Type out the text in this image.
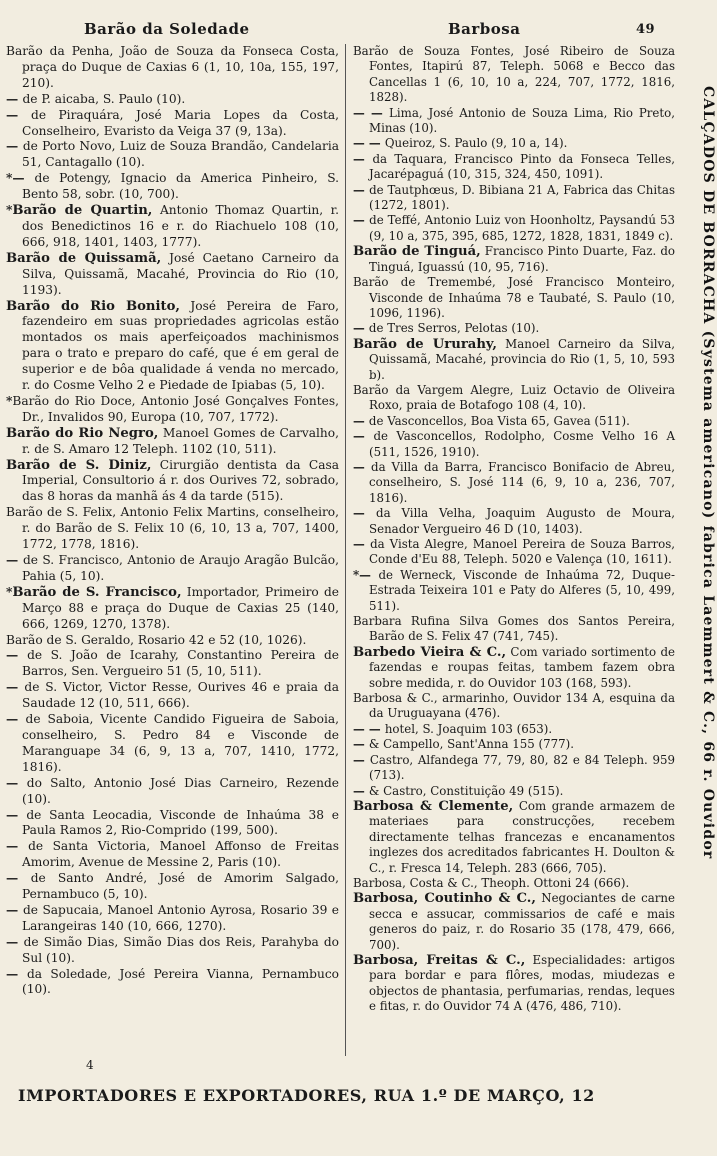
Barão da Soledade	Barbosa	49
Barão da Penha, João de Souza da Fonseca Costa, praça do Duque de Caxias 6 (1, 10, 10a, 155, 197, 210).
— de P. aicaba, S. Paulo (10).
— de Piraquára, José Maria Lopes da Costa, Conselheiro, Evaristo da Veiga 37 (9, 13a).
— de Porto Novo, Luiz de Souza Brandão, Candelaria 51, Cantagallo (10).
*— de Potengy, Ignacio da America Pinheiro, S. Bento 58, sobr. (10, 700).
*Barão de Quartin, Antonio Thomaz Quartin, r. dos Benedictinos 16 e r. do Riachuelo 108 (10, 666, 918, 1401, 1403, 1777).
Barão de Quissamã, José Caetano Carneiro da Silva, Quissamã, Macahé, Provincia do Rio (10, 1193).
Barão do Rio Bonito, José Pereira de Faro, fazendeiro em suas propriedades agricolas estão montados os mais aperfeiçoados machinismos para o trato e preparo do café, que é em geral de superior e de bôa qualidade á venda no mercado, r. do Cosme Velho 2 e Piedade de Ipiabas (5, 10).
*Barão do Rio Doce, Antonio José Gonçalves Fontes, Dr., Invalidos 90, Europa (10, 707, 1772).
Barão do Rio Negro, Manoel Gomes de Carvalho, r. de S. Amaro 12 Teleph. 1102 (10, 511).
Barão de S. Diniz, Cirurgião dentista da Casa Imperial, Consultorio á r. dos Ourives 72, sobrado, das 8 horas da manhã ás 4 da tarde (515).
Barão de S. Felix, Antonio Felix Martins, conselheiro, r. do Barão de S. Felix 10 (6, 10, 13 a, 707, 1400, 1772, 1778, 1816).
— de S. Francisco, Antonio de Araujo Aragão Bulcão, Pahia (5, 10).
*Barão de S. Francisco, Importador, Primeiro de Março 88 e praça do Duque de Caxias 25 (140, 666, 1269, 1270, 1378).
Barão de S. Geraldo, Rosario 42 e 52 (10, 1026).
— de S. João de Icarahy, Constantino Pereira de Barros, Sen. Vergueiro 51 (5, 10, 511).
— de S. Victor, Victor Resse, Ourives 46 e praia da Saudade 12 (10, 511, 666).
— de Saboia, Vicente Candido Figueira de Saboia, conselheiro, S. Pedro 84 e Visconde de Maranguape 34 (6, 9, 13 a, 707, 1410, 1772, 1816).
— do Salto, Antonio José Dias Carneiro, Rezende (10).
— de Santa Leocadia, Visconde de Inhaúma 38 e Paula Ramos 2, Rio-Comprido (199, 500).
— de Santa Victoria, Manoel Affonso de Freitas Amorim, Avenue de Messine 2, Paris (10).
— de Santo André, José de Amorim Salgado, Pernambuco (5, 10).
— de Sapucaia, Manoel Antonio Ayrosa, Rosario 39 e Larangeiras 140 (10, 666, 1270).
— de Simão Dias, Simão Dias dos Reis, Parahyba do Sul (10).
— da Soledade, José Pereira Vianna, Pernambuco (10).
Barão de Souza Fontes, José Ribeiro de Souza Fontes, Itapirú 87, Teleph. 5068 e Becco das Cancellas 1 (6, 10, 10 a, 224, 707, 1772, 1816, 1828).
— — Lima, José Antonio de Souza Lima, Rio Preto, Minas (10).
— — Queiroz, S. Paulo (9, 10 a, 14).
— da Taquara, Francisco Pinto da Fonseca Telles, Jacarépaguá (10, 315, 324, 450, 1091).
— de Tautphœus, D. Bibiana 21 A, Fabrica das Chitas (1272, 1801).
— de Teffé, Antonio Luiz von Hoonholtz, Paysandú 53 (9, 10 a, 375, 395, 685, 1272, 1828, 1831, 1849 c).
Barão de Tinguá, Francisco Pinto Duarte, Faz. do Tinguá, Iguassú (10, 95, 716).
Barão de Tremembé, José Francisco Monteiro, Visconde de Inhaúma 78 e Taubaté, S. Paulo (10, 1096, 1196).
— de Tres Serros, Pelotas (10).
Barão de Ururahy, Manoel Carneiro da Silva, Quissamã, Macahé, provincia do Rio (1, 5, 10, 593 b).
Barão da Vargem Alegre, Luiz Octavio de Oliveira Roxo, praia de Botafogo 108 (4, 10).
— de Vasconcellos, Boa Vista 65, Gavea (511).
— de Vasconcellos, Rodolpho, Cosme Velho 16 A (511, 1526, 1910).
— da Villa da Barra, Francisco Bonifacio de Abreu, conselheiro, S. José 114 (6, 9, 10 a, 236, 707, 1816).
— da Villa Velha, Joaquim Augusto de Moura, Senador Vergueiro 46 D (10, 1403).
— da Vista Alegre, Manoel Pereira de Souza Barros, Conde d'Eu 88, Teleph. 5020 e Valença (10, 1611).
*— de Werneck, Visconde de Inhaúma 72, Duque-Estrada Teixeira 101 e Paty do Alferes (5, 10, 499, 511).
Barbara Rufina Silva Gomes dos Santos Pereira, Barão de S. Felix 47 (741, 745).
Barbedo Vieira & C., Com variado sortimento de fazendas e roupas feitas, tambem fazem obra sobre medida, r. do Ouvidor 103 (168, 593).
Barbosa & C., armarinho, Ouvidor 134 A, esquina da da Uruguayana (476).
— — hotel, S. Joaquim 103 (653).
— & Campello, Sant'Anna 155 (777).
— Castro, Alfandega 77, 79, 80, 82 e 84 Teleph. 959 (713).
— & Castro, Constituição 49 (515).
Barbosa & Clemente, Com grande armazem de materiaes para construcções, recebem directamente telhas francezas e encanamentos inglezes dos acreditados fabricantes H. Doulton & C., r. Fresca 14, Teleph. 283 (666, 705).
Barbosa, Costa & C., Theoph. Ottoni 24 (666).
Barbosa, Coutinho & C., Negociantes de carne secca e assucar, commissarios de café e mais generos do paiz, r. do Rosario 35 (178, 479, 666, 700).
Barbosa, Freitas & C., Especialidades: artigos para bordar e para flôres, modas, miudezas e objectos de phantasia, perfumarias, rendas, leques e fitas, r. do Ouvidor 74 A (476, 486, 710).
4
IMPORTADORES E EXPORTADORES, RUA 1.º DE MARÇO, 12
CALÇADOS DE BORRACHA (Systema americano) fabrica Laemmert & C., 66 r. Ouvidor
